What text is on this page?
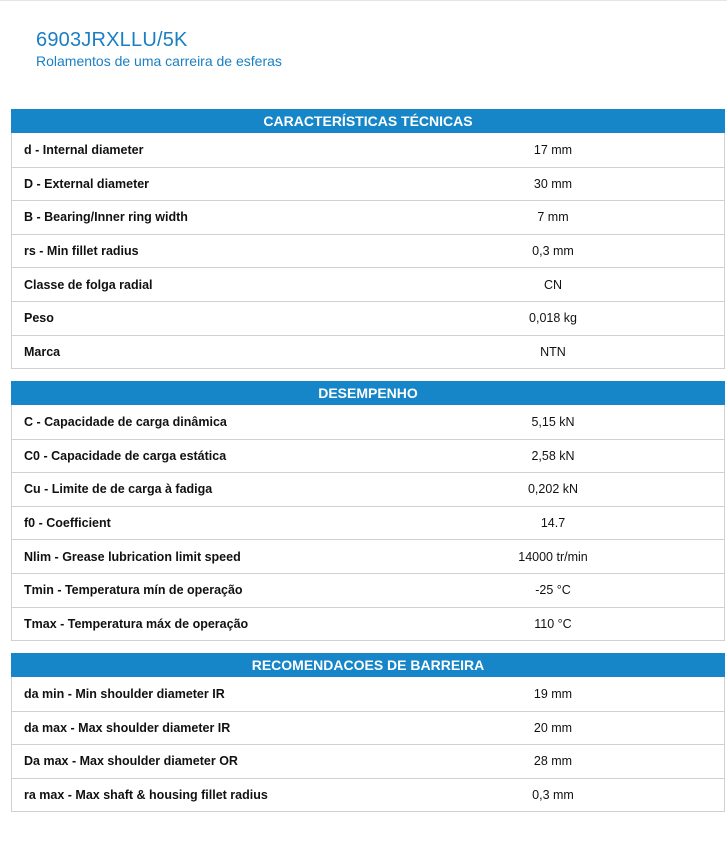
6903JRXLLU/5K
Rolamentos de uma carreira de esferas
CARACTERÍSTICAS TÉCNICAS
d - Internal diameter	17 mm
D - External diameter	30 mm
B - Bearing/Inner ring width	7 mm
rs - Min fillet radius	0,3 mm
Classe de folga radial	CN
Peso	0,018 kg
Marca	NTN
DESEMPENHO
C - Capacidade de carga dinâmica	5,15 kN
C0 - Capacidade de carga estática	2,58 kN
Cu - Limite de de carga à fadiga	0,202 kN
f0 - Coefficient	14.7
Nlim - Grease lubrication limit speed	14000 tr/min
Tmin - Temperatura mín de operação	-25 °C
Tmax - Temperatura máx de operação	110 °C
RECOMENDACOES DE BARREIRA
da min - Min shoulder diameter IR	19 mm
da max - Max shoulder diameter IR	20 mm
Da max - Max shoulder diameter OR	28 mm
ra max - Max shaft & housing fillet radius	0,3 mm
